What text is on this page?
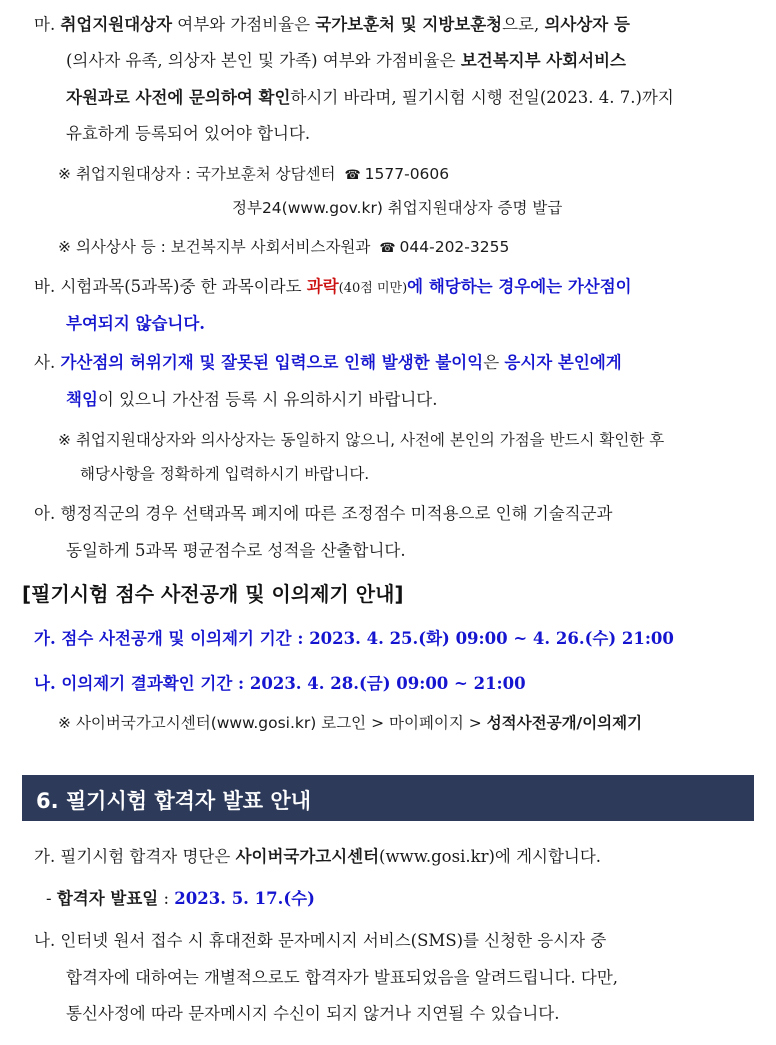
마. 취업지원대상자 여부와 가점비율은 국가보훈처 및 지방보훈청으로, 의사상자 등
(의사자 유족, 의상자 본인 및 가족) 여부와 가점비율은 보건복지부 사회서비스
자원과로 사전에 문의하여 확인하시기 바라며, 필기시험 시행 전일(2023. 4. 7.)까지
유효하게 등록되어 있어야 합니다.
※ 취업지원대상자 : 국가보훈처 상담센터 ☎ 1577-0606
정부24(www.gov.kr) 취업지원대상자 증명 발급
※ 의사상사 등 : 보건복지부 사회서비스자원과 ☎ 044-202-3255
바. 시험과목(5과목)중 한 과목이라도 과락(40점 미만)에 해당하는 경우에는 가산점이
부여되지 않습니다.
사. 가산점의 허위기재 및 잘못된 입력으로 인해 발생한 불이익은 응시자 본인에게
책임이 있으니 가산점 등록 시 유의하시기 바랍니다.
※ 취업지원대상자와 의사상자는 동일하지 않으니, 사전에 본인의 가점을 반드시 확인한 후
해당사항을 정확하게 입력하시기 바랍니다.
아. 행정직군의 경우 선택과목 폐지에 따른 조정점수 미적용으로 인해 기술직군과
동일하게 5과목 평균점수로 성적을 산출합니다.
[필기시험 점수 사전공개 및 이의제기 안내]
가. 점수 사전공개 및 이의제기 기간 : 2023. 4. 25.(화) 09:00 ~ 4. 26.(수) 21:00
나. 이의제기 결과확인 기간 : 2023. 4. 28.(금) 09:00 ~ 21:00
※ 사이버국가고시센터(www.gosi.kr) 로그인 > 마이페이지 > 성적사전공개/이의제기
6. 필기시험 합격자 발표 안내
가. 필기시험 합격자 명단은 사이버국가고시센터(www.gosi.kr)에 게시합니다.
- 합격자 발표일 : 2023. 5. 17.(수)
나. 인터넷 원서 접수 시 휴대전화 문자메시지 서비스(SMS)를 신청한 응시자 중
합격자에 대하여는 개별적으로도 합격자가 발표되었음을 알려드립니다. 다만,
통신사정에 따라 문자메시지 수신이 되지 않거나 지연될 수 있습니다.
